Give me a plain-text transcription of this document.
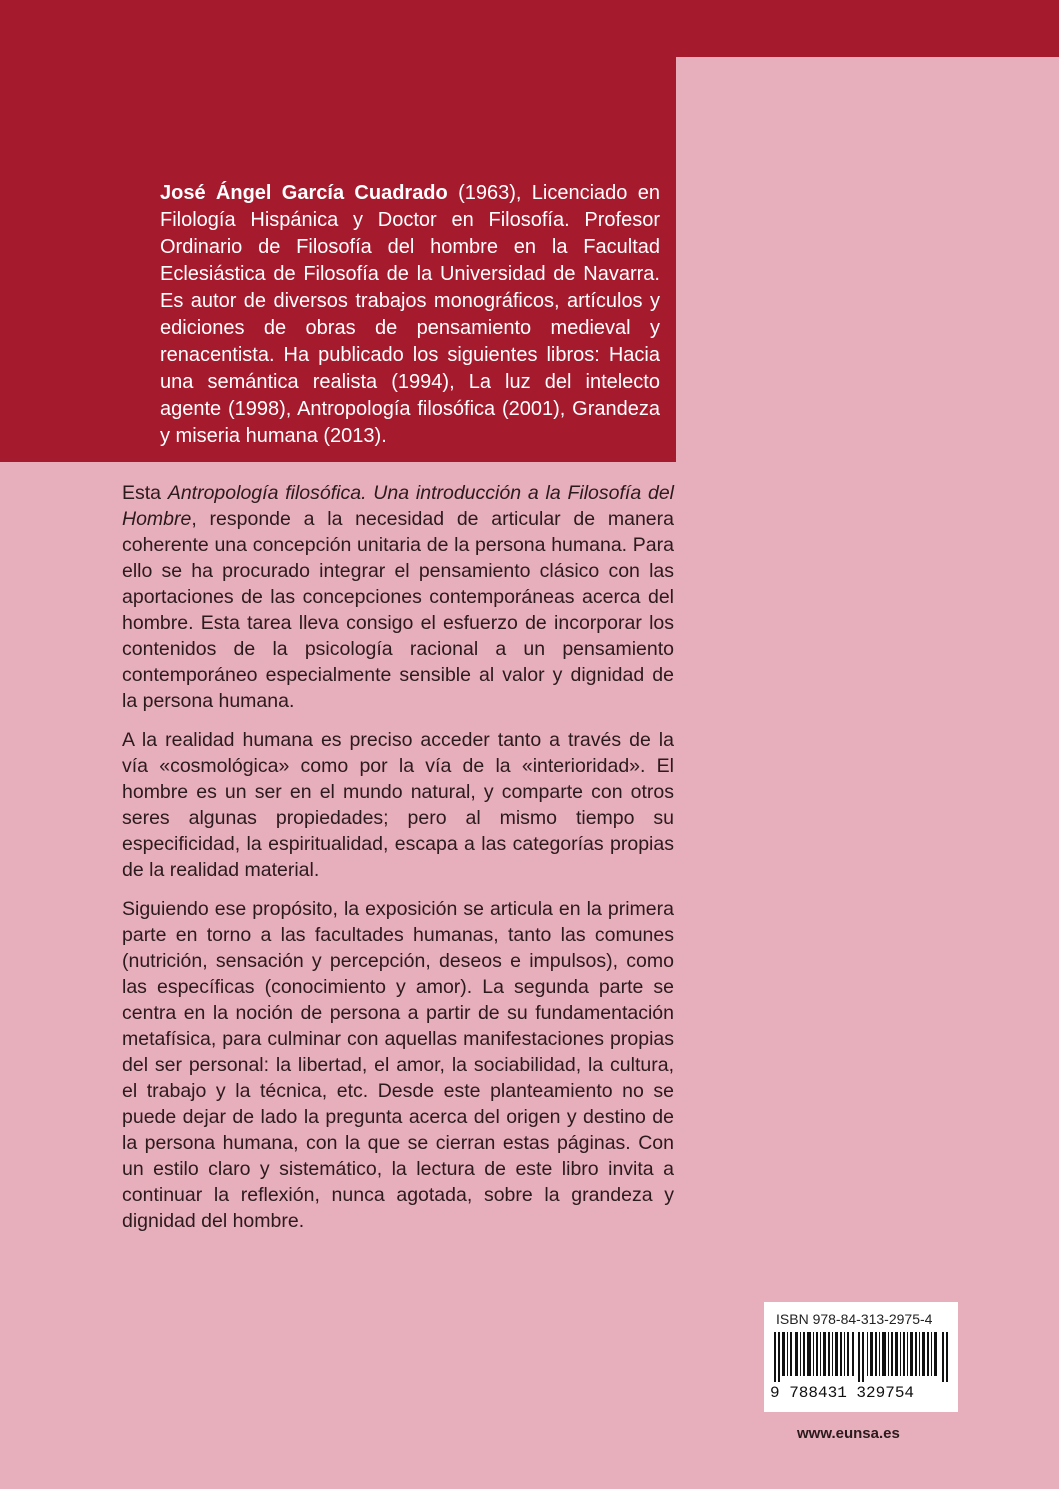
José Ángel García Cuadrado (1963), Licenciado en Filología Hispánica y Doctor en Filosofía. Profesor Ordinario de Filosofía del hombre en la Facultad Eclesiástica de Filosofía de la Universidad de Navarra. Es autor de diversos trabajos monográficos, artículos y ediciones de obras de pensamiento medieval y renacentista. Ha publicado los siguientes libros: Hacia una semántica realista (1994), La luz del intelecto agente (1998), Antropología filosófica (2001), Grandeza y miseria humana (2013).

Esta Antropología filosófica. Una introducción a la Filosofía del Hombre, responde a la necesidad de articular de manera coherente una concepción unitaria de la persona humana. Para ello se ha procurado integrar el pensamiento clásico con las aportaciones de las concepciones contemporáneas acerca del hombre. Esta tarea lleva consigo el esfuerzo de incorporar los contenidos de la psicología racional a un pensamiento contemporáneo especialmente sensible al valor y dignidad de la persona humana.

A la realidad humana es preciso acceder tanto a través de la vía «cosmológica» como por la vía de la «interioridad». El hombre es un ser en el mundo natural, y comparte con otros seres algunas propiedades; pero al mismo tiempo su especificidad, la espiritualidad, escapa a las categorías propias de la realidad material.

Siguiendo ese propósito, la exposición se articula en la primera parte en torno a las facultades humanas, tanto las comunes (nutrición, sensación y percepción, deseos e impulsos), como las específicas (conocimiento y amor). La segunda parte se centra en la noción de persona a partir de su fundamentación metafísica, para culminar con aquellas manifestaciones propias del ser personal: la libertad, el amor, la sociabilidad, la cultura, el trabajo y la técnica, etc. Desde este planteamiento no se puede dejar de lado la pregunta acerca del origen y destino de la persona humana, con la que se cierran estas páginas. Con un estilo claro y sistemático, la lectura de este libro invita a continuar la reflexión, nunca agotada, sobre la grandeza y dignidad del hombre.

ISBN 978-84-313-2975-4
9 788431 329754
www.eunsa.es
